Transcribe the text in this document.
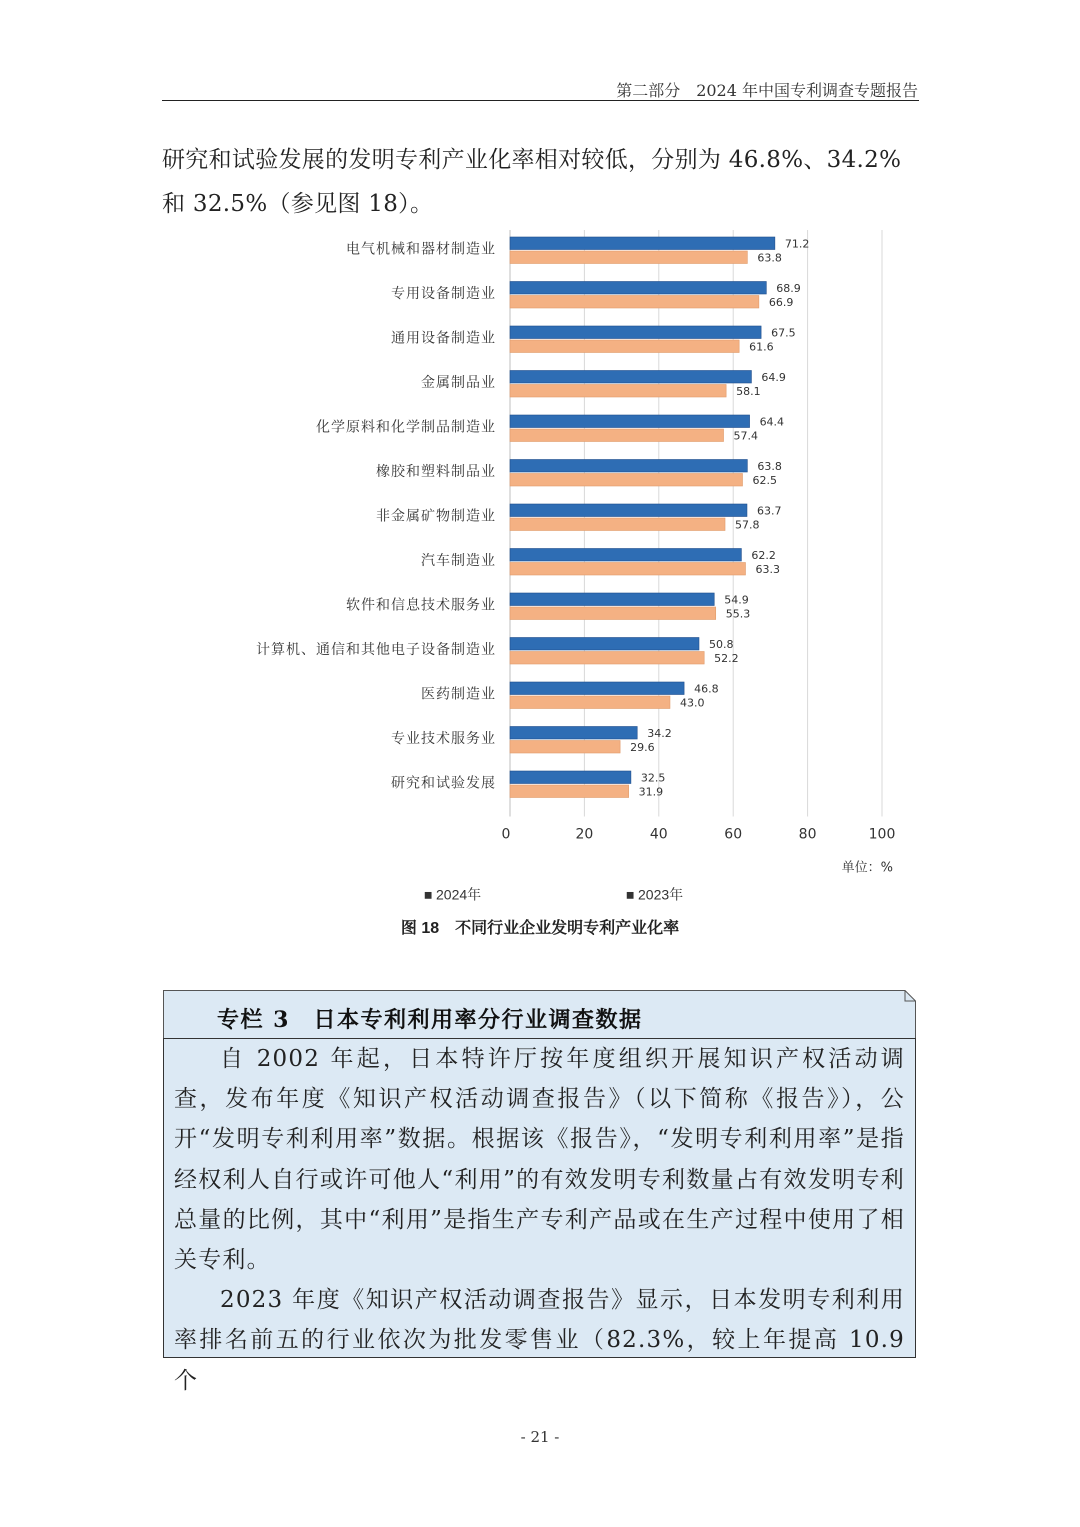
第二部分　2024 年中国专利调查专题报告

研究和试验发展的发明专利产业化率相对较低，分别为 46.8%、34.2%

和 32.5%（参见图 18）。

电气机械和器材制造业	71.2
63.8
专用设备制造业	68.9
66.9
通用设备制造业	67.5
61.6
金属制品业	64.9
58.1
化学原料和化学制品制造业	64.4
57.4
橡胶和塑料制品业	63.8
62.5
非金属矿物制造业	63.7
57.8
汽车制造业	62.2
63.3
软件和信息技术服务业	54.9
55.3
计算机、通信和其他电子设备制造业	50.8
52.2
医药制造业	46.8
43.0
专业技术服务业	34.2
29.6
研究和试验发展	32.5
31.9
0	20	40	60	80	100
单位：%
■ 2024年	■ 2023年
图 18　不同行业企业发明专利产业化率
专栏 3　日本专利利用率分行业调查数据

自 2002 年起，日本特许厅按年度组织开展知识产权活动调查，发布年度《知识产权活动调查报告》（以下简称《报告》），公开“发明专利利用率”数据。根据该《报告》，“发明专利利用率”是指经权利人自行或许可他人“利用”的有效发明专利数量占有效发明专利总量的比例，其中“利用”是指生产专利产品或在生产过程中使用了相关专利。

2023 年度《知识产权活动调查报告》显示，日本发明专利利用率排名前五的行业依次为批发零售业（82.3%，较上年提高 10.9 个

- 21 -
